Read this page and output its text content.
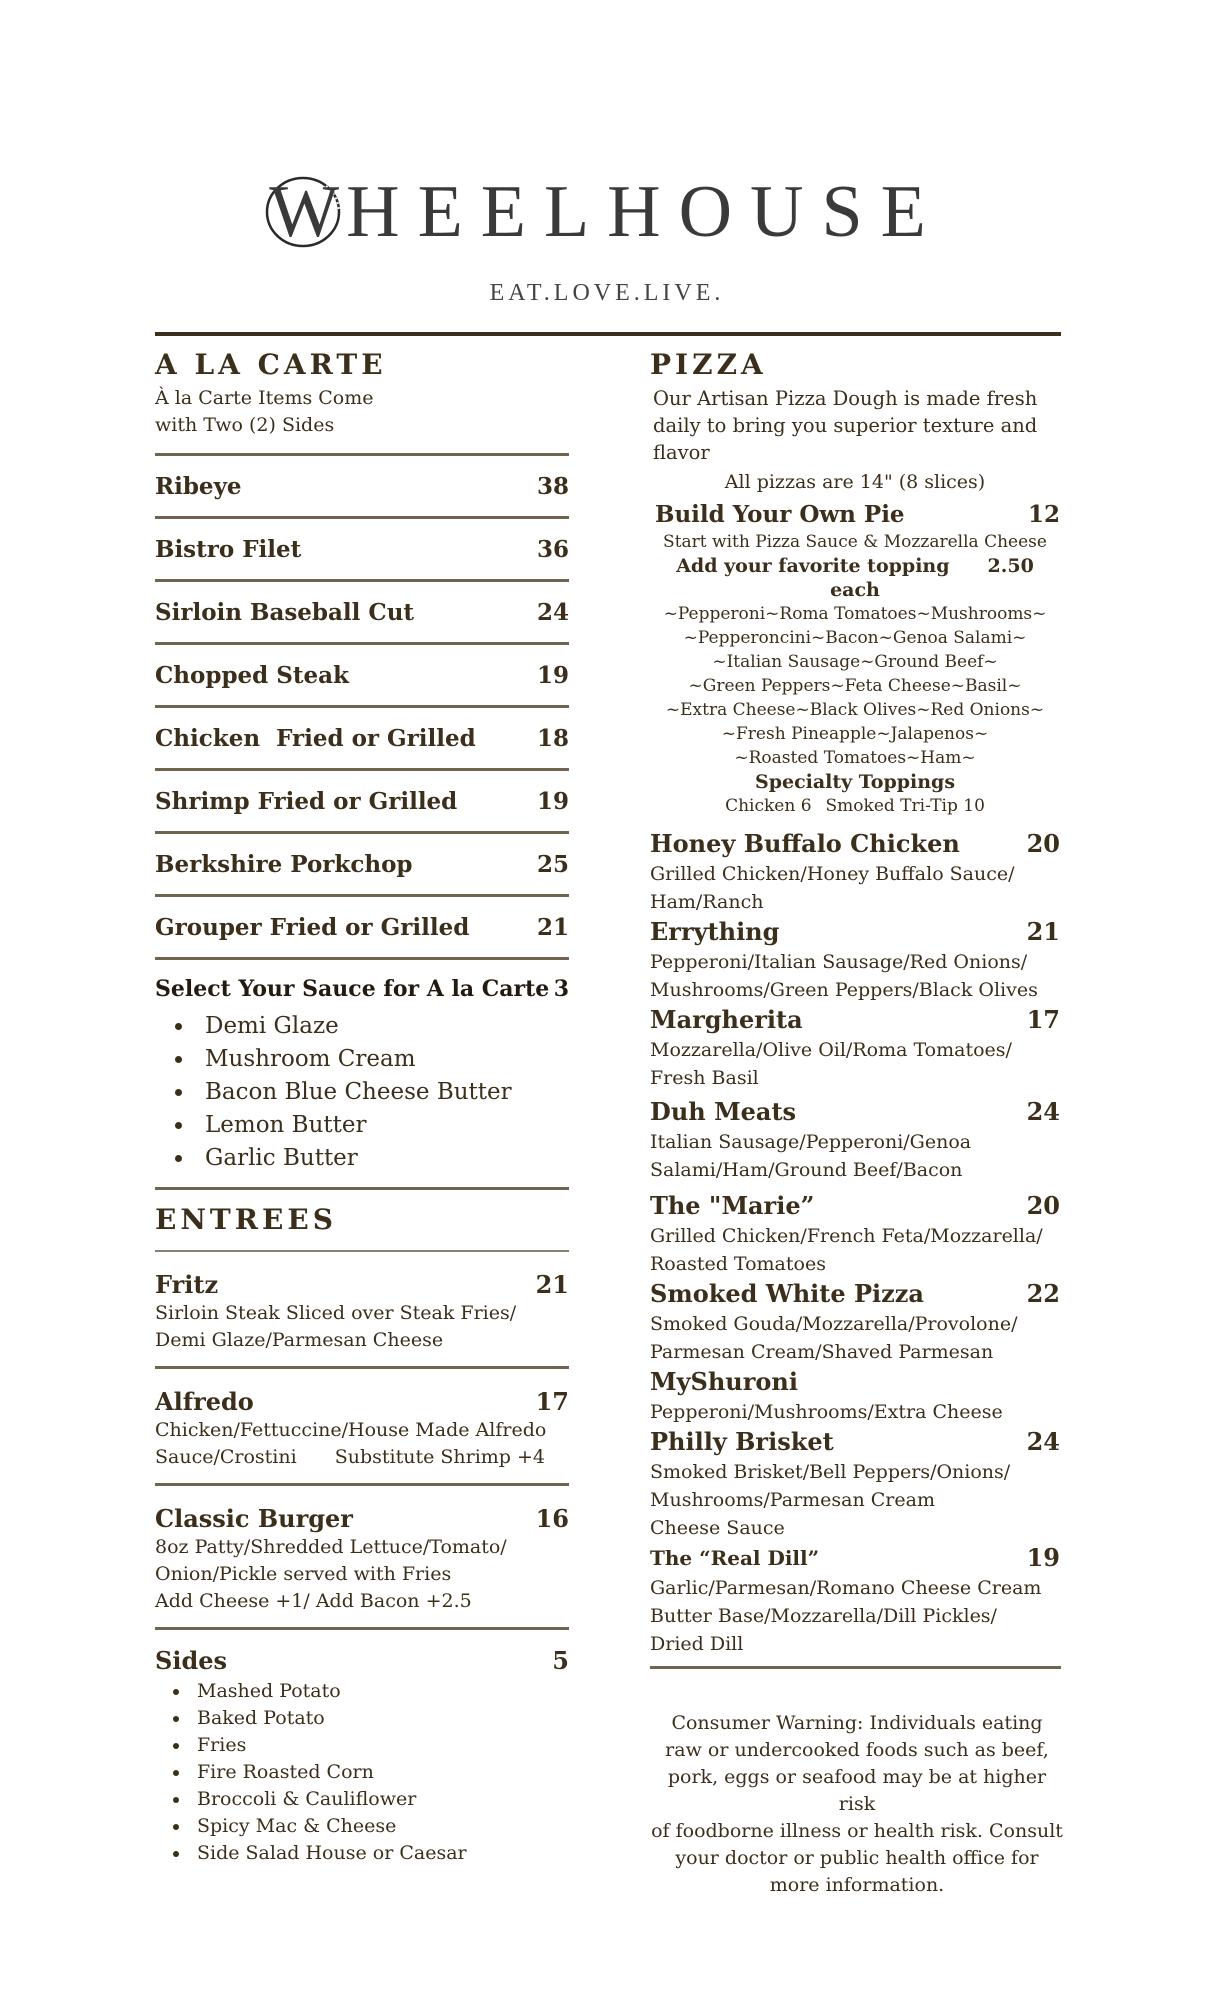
W HEELHOUSE
EAT.LOVE.LIVE.
A LA CARTE
À la Carte Items Come
with Two (2) Sides
Ribeye	38
Bistro Filet	36
Sirloin Baseball Cut	24
Chopped Steak	19
Chicken  Fried or Grilled	18
Shrimp Fried or Grilled	19
Berkshire Porkchop	25
Grouper Fried or Grilled	21
Select Your Sauce for A la Carte 3
• Demi Glaze
• Mushroom Cream
• Bacon Blue Cheese Butter
• Lemon Butter
• Garlic Butter
ENTREES
Fritz	21
Sirloin Steak Sliced over Steak Fries/
Demi Glaze/Parmesan Cheese
Alfredo	17
Chicken/Fettuccine/House Made Alfredo
Sauce/Crostini Substitute Shrimp +4
Classic Burger	16
8oz Patty/Shredded Lettuce/Tomato/
Onion/Pickle served with Fries
Add Cheese +1/ Add Bacon +2.5
Sides	5
• Mashed Potato
• Baked Potato
• Fries
• Fire Roasted Corn
• Broccoli & Cauliflower
• Spicy Mac & Cheese
• Side Salad House or Caesar
PIZZA
Our Artisan Pizza Dough is made fresh
daily to bring you superior texture and
flavor
All pizzas are 14" (8 slices)
Build Your Own Pie	12
Start with Pizza Sauce & Mozzarella Cheese
Add your favorite topping 2.50 each
~Pepperoni~Roma Tomatoes~Mushrooms~
~Pepperoncini~Bacon~Genoa Salami~
~Italian Sausage~Ground Beef~
~Green Peppers~Feta Cheese~Basil~
~Extra Cheese~Black Olives~Red Onions~
~Fresh Pineapple~Jalapenos~
~Roasted Tomatoes~Ham~
Specialty Toppings
Chicken 6 Smoked Tri-Tip 10
Honey Buffalo Chicken	20
Grilled Chicken/Honey Buffalo Sauce/
Ham/Ranch
Errything	21
Pepperoni/Italian Sausage/Red Onions/
Mushrooms/Green Peppers/Black Olives
Margherita	17
Mozzarella/Olive Oil/Roma Tomatoes/
Fresh Basil
Duh Meats	24
Italian Sausage/Pepperoni/Genoa
Salami/Ham/Ground Beef/Bacon
The "Marie”	20
Grilled Chicken/French Feta/Mozzarella/
Roasted Tomatoes
Smoked White Pizza	22
Smoked Gouda/Mozzarella/Provolone/
Parmesan Cream/Shaved Parmesan
MyShuroni
Pepperoni/Mushrooms/Extra Cheese
Philly Brisket	24
Smoked Brisket/Bell Peppers/Onions/
Mushrooms/Parmesan Cream
Cheese Sauce
The “Real Dill”	19
Garlic/Parmesan/Romano Cheese Cream
Butter Base/Mozzarella/Dill Pickles/
Dried Dill
Consumer Warning: Individuals eating
raw or undercooked foods such as beef,
pork, eggs or seafood may be at higher risk
of foodborne illness or health risk. Consult
your doctor or public health office for
more information.
